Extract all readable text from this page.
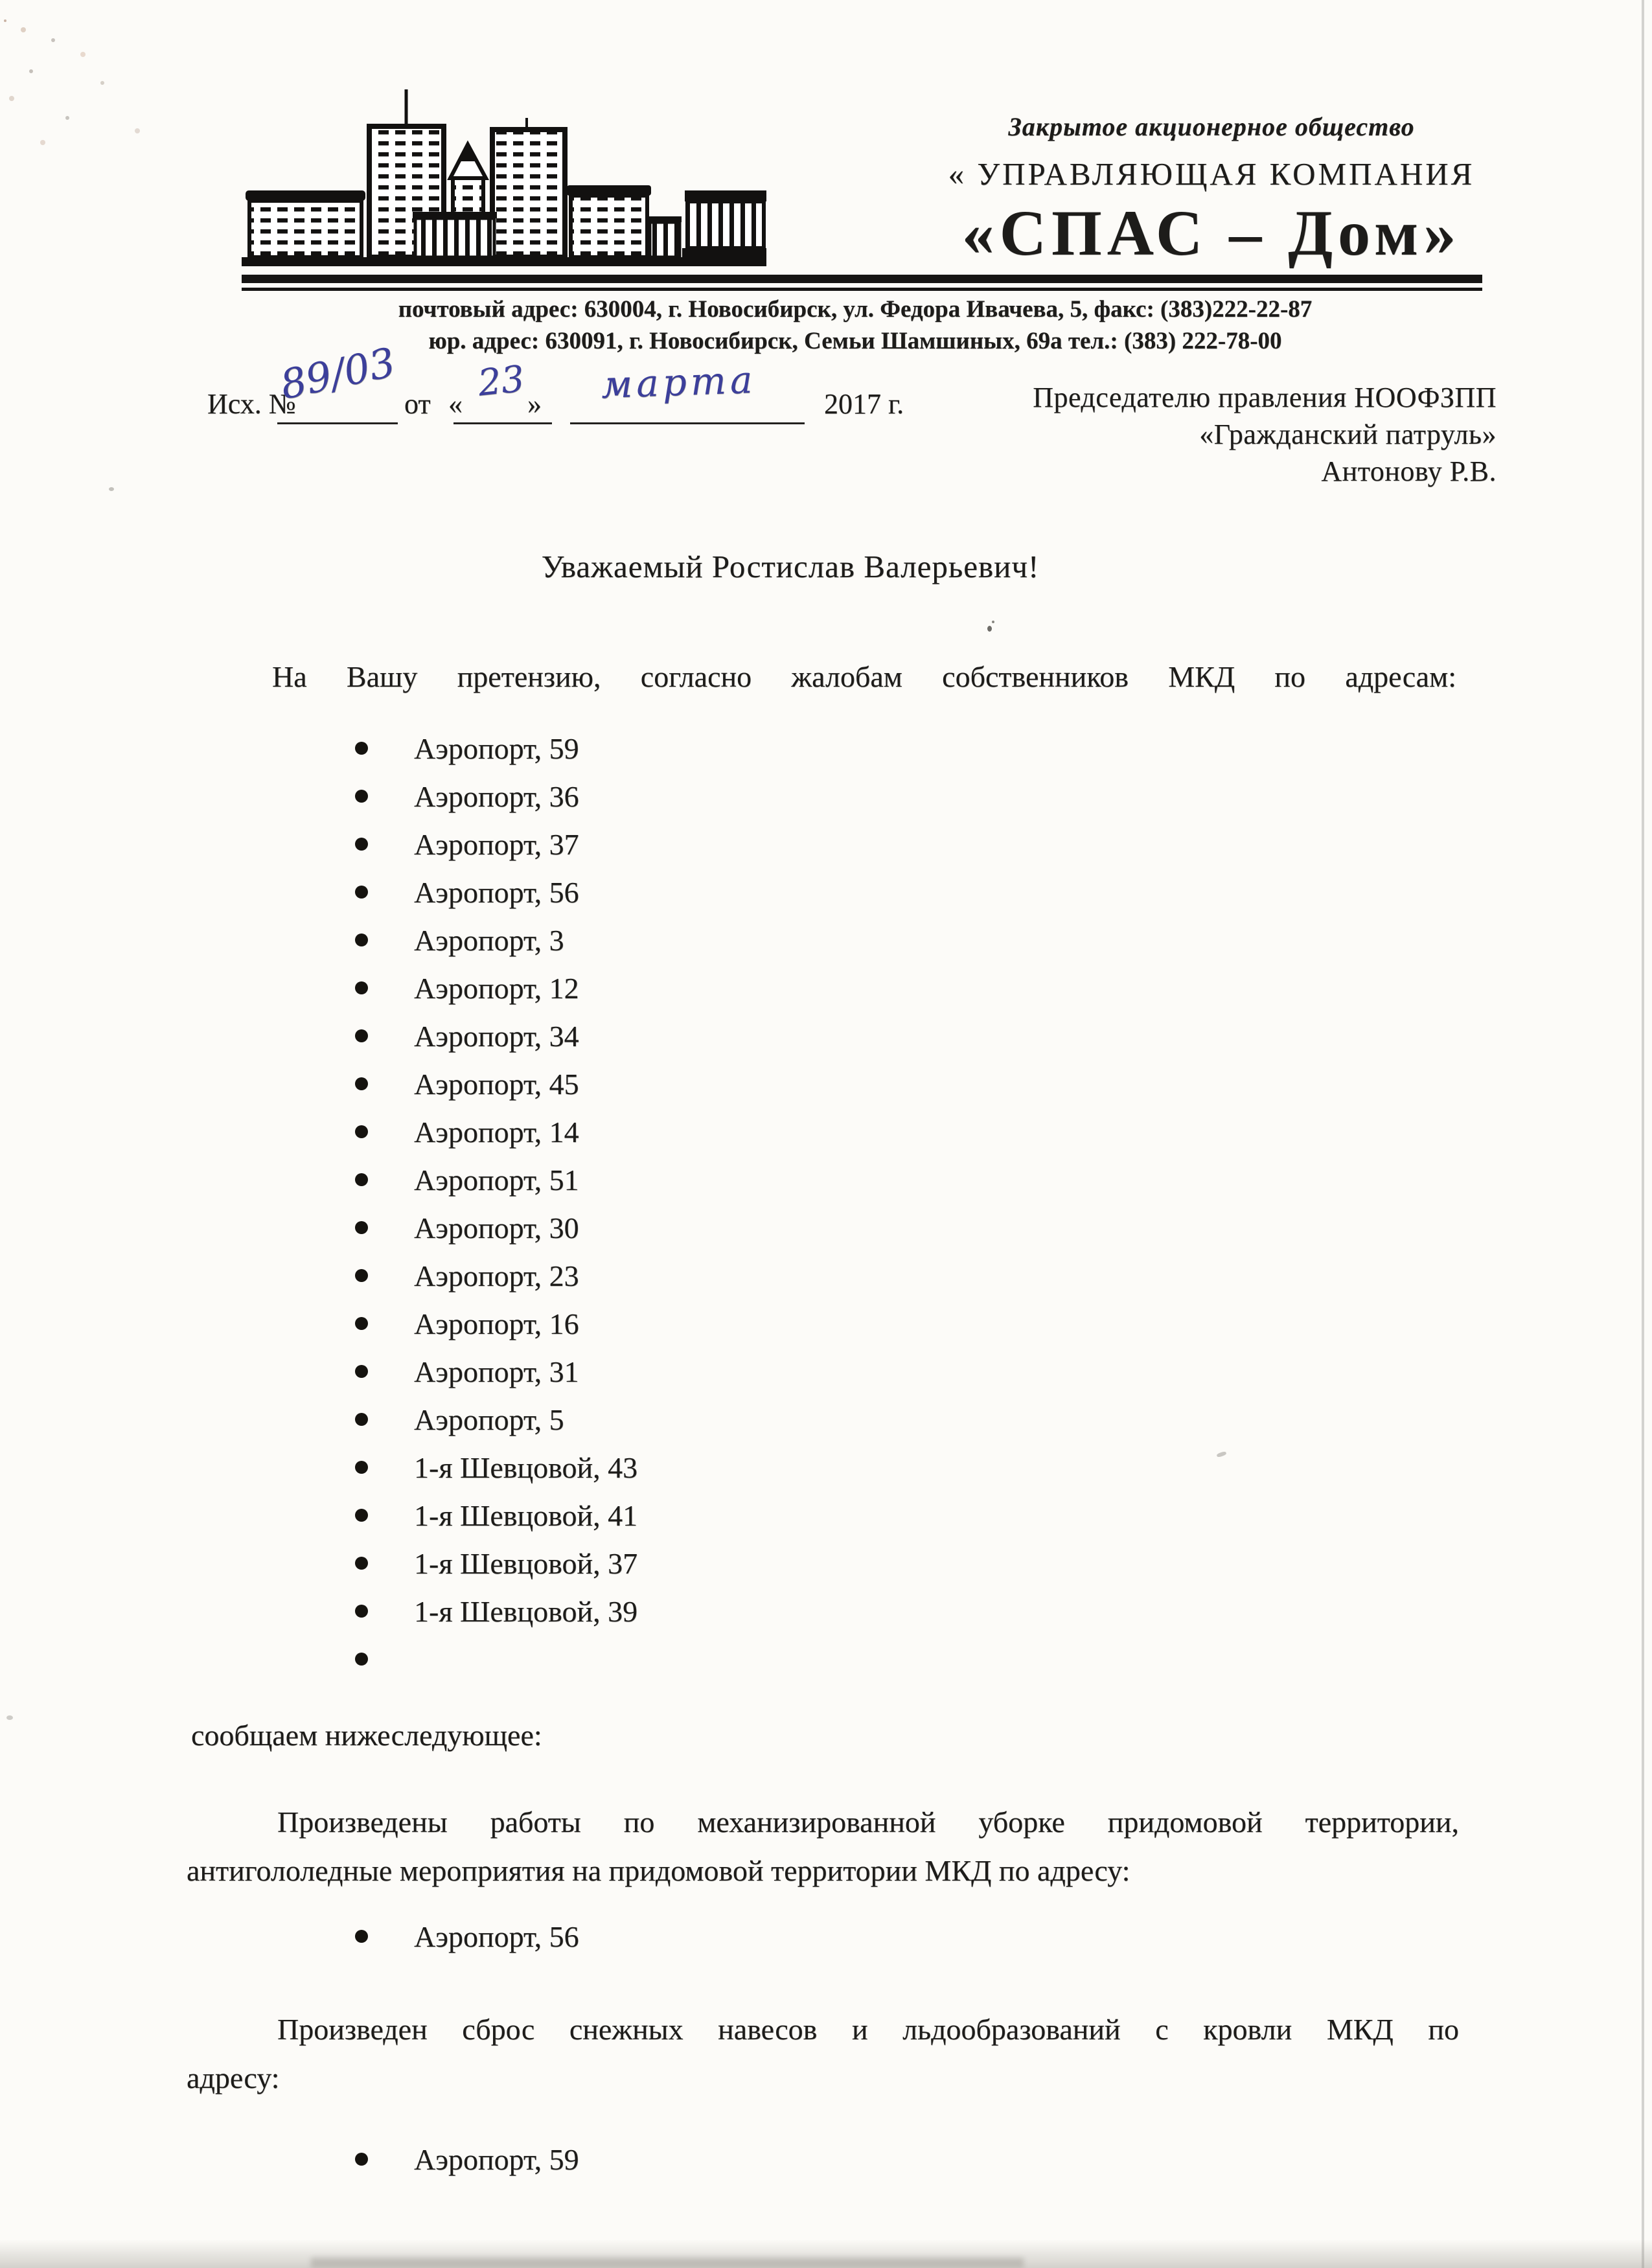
Закрытое акционерное общество
« УПРАВЛЯЮЩАЯ КОМПАНИЯ
«СПАС – Дом»
почтовый адрес: 630004, г. Новосибирск, ул. Федора Ивачева, 5, факс: (383)222-22-87
юр. адрес: 630091, г. Новосибирск, Семьи Шамшиных, 69а тел.: (383) 222-78-00
Исх. №
89/03 от « 23 » марта 2017 г.	Председателю правления НООФЗПП
«Гражданский патруль»
Антонову Р.В.
Уважаемый Ростислав Валерьевич!
На Вашу претензию, согласно жалобам собственников МКД по адресам:
Аэропорт, 59
Аэропорт, 36
Аэропорт, 37
Аэропорт, 56
Аэропорт, 3
Аэропорт, 12
Аэропорт, 34
Аэропорт, 45
Аэропорт, 14
Аэропорт, 51
Аэропорт, 30
Аэропорт, 23
Аэропорт, 16
Аэропорт, 31
Аэропорт, 5
1-я Шевцовой, 43
1-я Шевцовой, 41
1-я Шевцовой, 37
1-я Шевцовой, 39
сообщаем нижеследующее:
Произведены работы по механизированной уборке придомовой территории,
антигололедные мероприятия на придомовой территории МКД по адресу:
Аэропорт, 56
Произведен сброс снежных навесов и льдообразований с кровли МКД по
адресу:
Аэропорт, 59
